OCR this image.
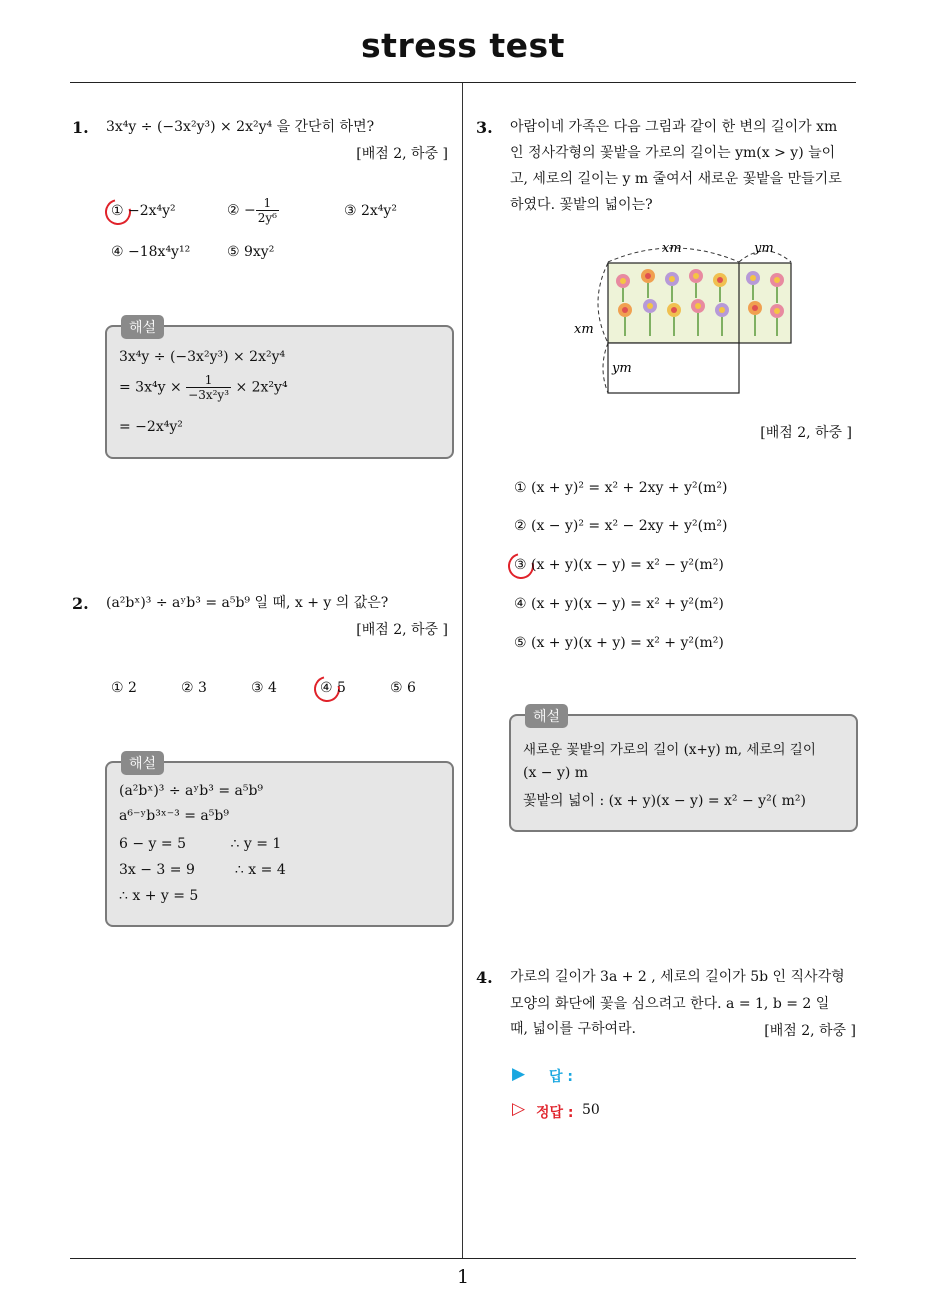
stress test
1
1. 3x⁴y ÷ (−3x²y³) × 2x²y⁴ 을 간단히 하면?
[배점 2, 하중 ]
① −2x⁴y²	② − $\frac{1}{\text{2y⁶}}$	③ 2x⁴y²
④ −18x⁴y¹²	⑤ 9xy²
해설
3x⁴y ÷ (−3x²y³) × 2x²y⁴
= $3x^4y \times \frac{1}{\text{−3x²y³}} \times 2x^2y^4$
= −2x⁴y²
2. (a²bˣ)³ ÷ aʸb³ = a⁵b⁹ 일 때, x + y 의 값은?
[배점 2, 하중 ]
① 2	② 3	③ 4	④ 5	⑤ 6
해설
(a²bˣ)³ ÷ aʸb³ = a⁵b⁹
a⁶⁻ʸb³ˣ⁻³ = a⁵b⁹
6 − y = 5          ∴ y = 1
3x − 3 = 9         ∴ x = 4
∴ x + y = 5
3. 아람이네 가족은 다음 그림과 같이 한 변의 길이가 xm
인 정사각형의 꽃밭을 가로의 길이는 ym(x > y) 늘이
고, 세로의 길이는 y m 줄여서 새로운 꽃밭을 만들기로
하였다. 꽃밭의 넓이는?
xm	ym
xm
ym
[배점 2, 하중 ]
① (x + y)² = x² + 2xy + y²(m²)
② (x − y)² = x² − 2xy + y²(m²)
③ (x + y)(x − y) = x² − y²(m²)
④ (x + y)(x − y) = x² + y²(m²)
⑤ (x + y)(x + y) = x² + y²(m²)
해설
새로운 꽃밭의 가로의 길이 (x+y) m, 세로의 길이
(x − y) m
꽃밭의 넓이 : (x + y)(x − y) = x² − y²( m²)
4. 가로의 길이가 3a + 2 , 세로의 길이가 5b 인 직사각형
모양의 화단에 꽃을 심으려고 한다. a = 1, b = 2 일
때, 넓이를 구하여라.	[배점 2, 하중 ]
▶ 답 :
▷ 정답 : 50
